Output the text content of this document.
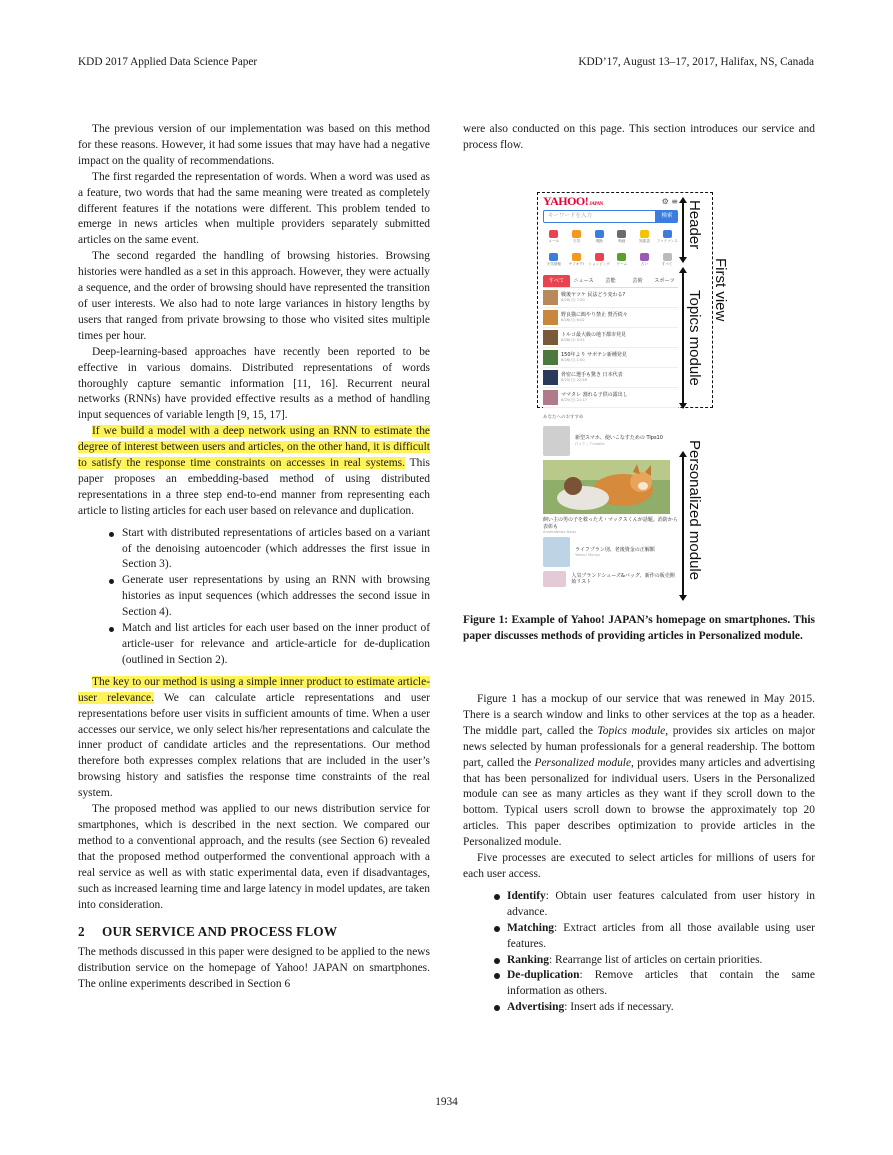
KDD 2017 Applied Data Science Paper	KDD’17, August 13–17, 2017, Halifax, NS, Canada

The previous version of our implementation was based on this method for these reasons. However, it had some issues that may have had a negative impact on the quality of recommendations.

The first regarded the representation of words. When a word was used as a feature, two words that had the same meaning were treated as completely different features if the notations were different. This problem tended to emerge in news articles when multiple providers separately submitted articles on the same event.

The second regarded the handling of browsing histories. Browsing histories were handled as a set in this approach. However, they were actually a sequence, and the order of browsing should have represented the transition of user interests. We also had to note large variances in history lengths by users that ranged from private browsing to those who visited sites multiple times per hour.

Deep-learning-based approaches have recently been reported to be effective in various domains. Distributed representations of words thoroughly capture semantic information [11, 16]. Recurrent neural networks (RNNs) have provided effective results as a method of handling input sequences of variable length [9, 15, 17].

If we build a model with a deep network using an RNN to estimate the degree of interest between users and articles, on the other hand, it is difficult to satisfy the response time constraints on accesses in real systems. This paper proposes an embedding-based method of using distributed representations in a three step end-to-end manner from representing each article to listing articles for each user based on relevance and duplication.

Start with distributed representations of articles based on a variant of the denoising autoencoder (which addresses the first issue in Section 3).
Generate user representations by using an RNN with browsing histories as input sequences (which addresses the second issue in Section 4).
Match and list articles for each user based on the inner product of article-user for relevance and article-article for de-duplication (outlined in Section 2).

The key to our method is using a simple inner product to estimate article-user relevance. We can calculate article representations and user representations before user visits in sufficient amounts of time. When a user accesses our service, we only select his/her representations and calculate the inner product of candidate articles and the representations. Our method therefore both expresses complex relations that are included in the user’s browsing history and satisfies the response time constraints of the real system.

The proposed method was applied to our news distribution service for smartphones, which is described in the next section. We compared our method to a conventional approach, and the results (see Section 6) revealed that the proposed method outperformed the conventional approach with a real service as well as with static experimental data, even if disadvantages, such as increased learning time and large latency in model updates, are taken into consideration.

2 OUR SERVICE AND PROCESS FLOW

The methods discussed in this paper were designed to be applied to the news distribution service on the homepage of Yahoo! JAPAN on smartphones. The online experiments described in Section 6

were also conducted on this page. This section introduces our service and process flow.

YAHOO!JAPAN	⚙ ≡
キーワードを入力	検索
メール	天気	乗換	映画	知恵袋 ファイナンス
天気情報 ヤフオク! ショッピング ゲーム	占い	すべて
すべて	ニュース	芸能	芸術	スポーツ
戦後ヤツケ 民法どう変わる?
6/26(月) 7:00
野良猫に餌やり禁止 賛否続々
6/26(月) 6:02
トルコ最大級の地下都市発見
6/26(月) 5:51
150年より サボテン新種発見
6/26(月) 1:00
骨密に選手も驚き 日本代表
6/25(日) 22:46
ママタレ 割れる子供の露出し
6/25(日) 21:17
あなたへのおすすめ
新型スマホ、使いこなすための Tips10
ITメディアmobile
飼い主の男の子を救った犬・マックスくんが話題。消防から表彰も
AmebaNews News
ライフプラン別、老後資金の正解額
Yahoo! Money
人気ブランドシューズ&バッグ、新作の販売開始リスト
Header
Topics module
First view
Personalized module
Figure 1: Example of Yahoo! JAPAN’s homepage on smartphones. This paper discusses methods of providing articles in Personalized module.

Figure 1 has a mockup of our service that was renewed in May 2015. There is a search window and links to other services at the top as a header. The middle part, called the Topics module, provides six articles on major news selected by human professionals for a general readership. The bottom part, called the Personalized module, provides many articles and advertising that has been personalized for individual users. Users in the Personalized module can see as many articles as they want if they scroll down to the bottom. Typical users scroll down to browse the approximately top 20 articles. This paper describes optimization to provide articles in the Personalized module.

Five processes are executed to select articles for millions of users for each user access.

Identify: Obtain user features calculated from user history in advance.
Matching: Extract articles from all those available using user features.
Ranking: Rearrange list of articles on certain priorities.
De-duplication: Remove articles that contain the same information as others.
Advertising: Insert ads if necessary.
1934
